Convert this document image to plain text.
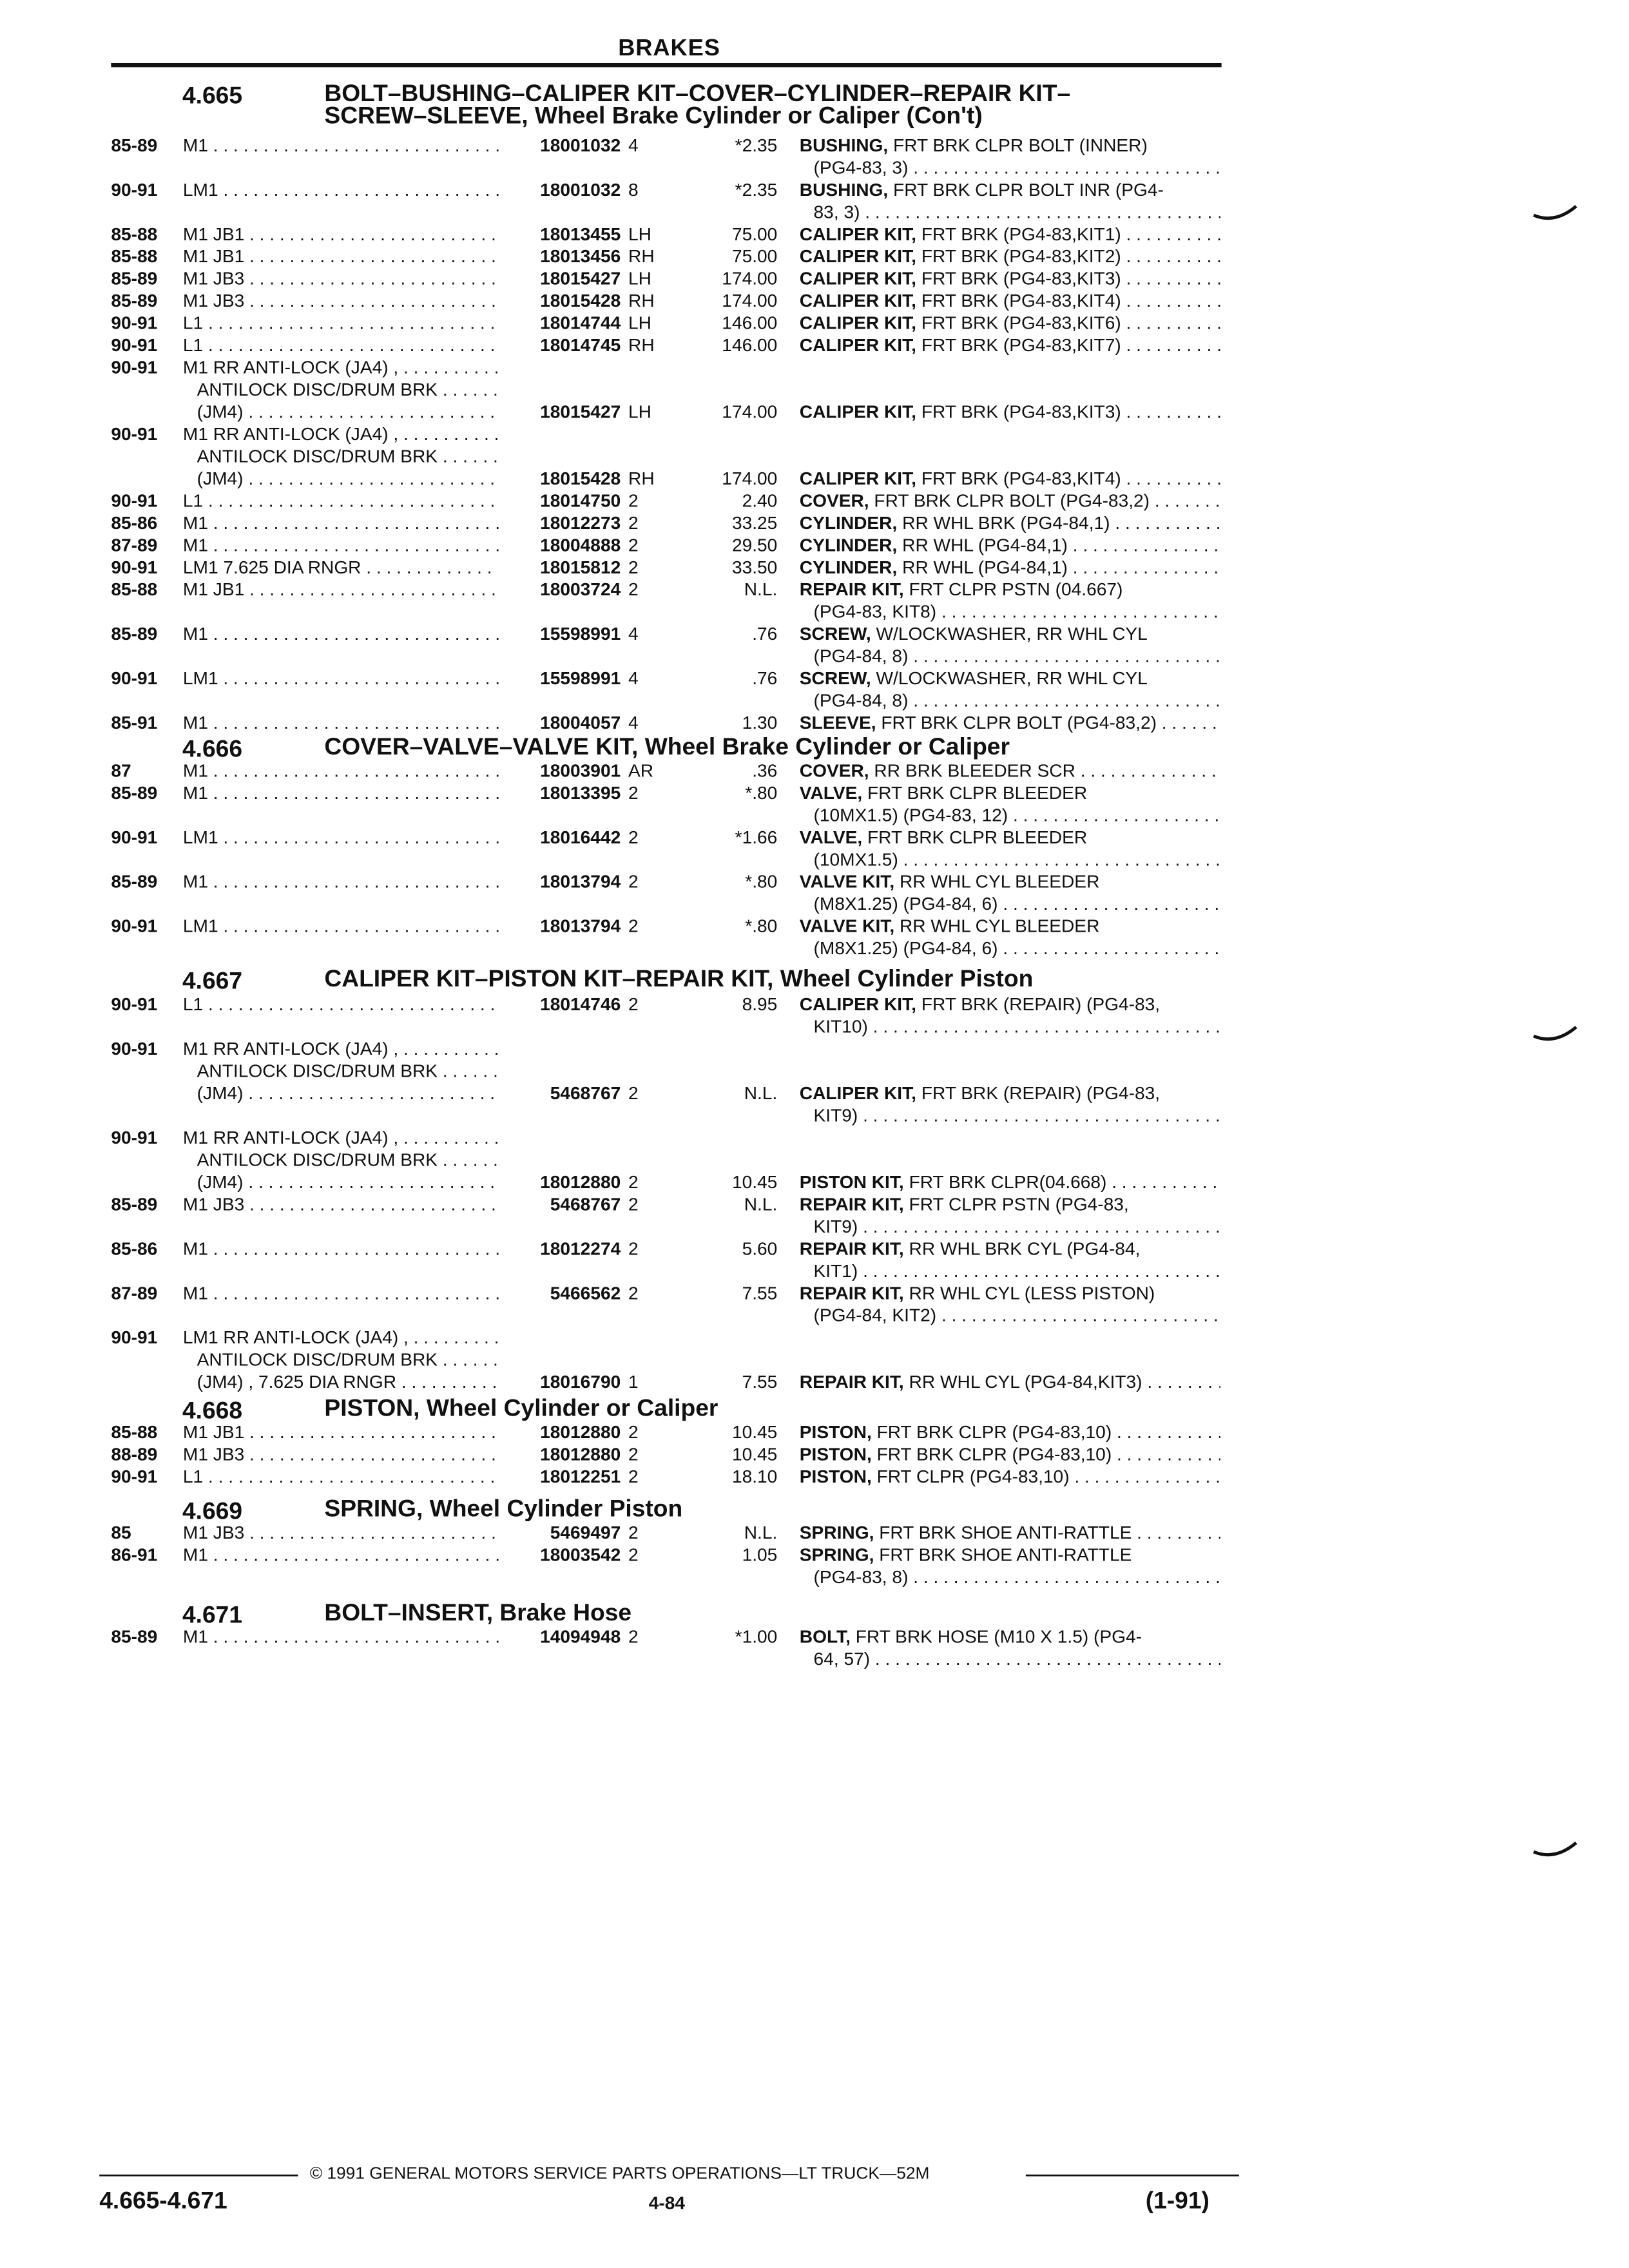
BRAKES
4.665	BOLT–BUSHING–CALIPER KIT–COVER–CYLINDER–REPAIR KIT–
SCREW–SLEEVE, Wheel Brake Cylinder or Caliper (Con't)
85-89 M1 . . .	18001032 4	*2.35 BUSHING, FRT BRK CLPR BOLT (INNER)
(PG4-83, 3) . . .
90-91 LM1 . . .	18001032 8	*2.35 BUSHING, FRT BRK CLPR BOLT INR (PG4-
83, 3) . . .
85-88 M1 JB1 . . .	18013455 LH	75.00 CALIPER KIT, FRT BRK (PG4-83,KIT1) . . .
85-88 M1 JB1 . . .	18013456 RH	75.00 CALIPER KIT, FRT BRK (PG4-83,KIT2) . . .
85-89 M1 JB3 . . .	18015427 LH	174.00 CALIPER KIT, FRT BRK (PG4-83,KIT3) . . .
85-89 M1 JB3 . . .	18015428 RH	174.00 CALIPER KIT, FRT BRK (PG4-83,KIT4) . . .
90-91 L1 . . .	18014744 LH	146.00 CALIPER KIT, FRT BRK (PG4-83,KIT6) . . .
90-91 L1 . . .	18014745 RH	146.00 CALIPER KIT, FRT BRK (PG4-83,KIT7) . . .
90-91 M1 RR ANTI-LOCK (JA4) , . . .
ANTILOCK DISC/DRUM BRK . . .
(JM4) . . .	18015427 LH	174.00 CALIPER KIT, FRT BRK (PG4-83,KIT3) . . .
90-91 M1 RR ANTI-LOCK (JA4) , . . .
ANTILOCK DISC/DRUM BRK . . .
(JM4) . . .	18015428 RH	174.00 CALIPER KIT, FRT BRK (PG4-83,KIT4) . . .
90-91 L1 . . .	18014750 2	2.40 COVER, FRT BRK CLPR BOLT (PG4-83,2) . . .
85-86 M1 . . .	18012273 2	33.25 CYLINDER, RR WHL BRK (PG4-84,1) . . .
87-89 M1 . . .	18004888 2	29.50 CYLINDER, RR WHL (PG4-84,1) . . .
90-91 LM1 7.625 DIA RNGR . . .	18015812 2	33.50 CYLINDER, RR WHL (PG4-84,1) . . .
85-88 M1 JB1 . . .	18003724 2	N.L. REPAIR KIT, FRT CLPR PSTN (04.667)
(PG4-83, KIT8) . . .
85-89 M1 . . .	15598991 4	.76 SCREW, W/LOCKWASHER, RR WHL CYL
(PG4-84, 8) . . .
90-91 LM1 . . .	15598991 4	.76 SCREW, W/LOCKWASHER, RR WHL CYL
(PG4-84, 8) . . .
85-91 M1 . . .	18004057 4	1.30 SLEEVE, FRT BRK CLPR BOLT (PG4-83,2) . . .
87	M1 . . .	18003901 AR	.36 COVER, RR BRK BLEEDER SCR . . .
85-89 M1 . . .	18013395 2	*.80 VALVE, FRT BRK CLPR BLEEDER
(10MX1.5) (PG4-83, 12) . . .
90-91 LM1 . . .	18016442 2	*1.66 VALVE, FRT BRK CLPR BLEEDER
(10MX1.5) . . .
85-89 M1 . . .	18013794 2	*.80 VALVE KIT, RR WHL CYL BLEEDER
(M8X1.25) (PG4-84, 6) . . .
90-91 LM1 . . .	18013794 2	*.80 VALVE KIT, RR WHL CYL BLEEDER
(M8X1.25) (PG4-84, 6) . . .
90-91 L1 . . .	18014746 2	8.95 CALIPER KIT, FRT BRK (REPAIR) (PG4-83,
KIT10) . . .
90-91 M1 RR ANTI-LOCK (JA4) , . . .
ANTILOCK DISC/DRUM BRK . . .
(JM4) . . .	5468767 2	N.L. CALIPER KIT, FRT BRK (REPAIR) (PG4-83,
KIT9) . . .
90-91 M1 RR ANTI-LOCK (JA4) , . . .
ANTILOCK DISC/DRUM BRK . . .
(JM4) . . .	18012880 2	10.45 PISTON KIT, FRT BRK CLPR(04.668) . . .
85-89 M1 JB3 . . .	5468767 2	N.L. REPAIR KIT, FRT CLPR PSTN (PG4-83,
KIT9) . . .
85-86 M1 . . .	18012274 2	5.60 REPAIR KIT, RR WHL BRK CYL (PG4-84,
KIT1) . . .
87-89 M1 . . .	5466562 2	7.55 REPAIR KIT, RR WHL CYL (LESS PISTON)
(PG4-84, KIT2) . . .
90-91 LM1 RR ANTI-LOCK (JA4) , . . .
ANTILOCK DISC/DRUM BRK . . .
(JM4) , 7.625 DIA RNGR . . .	18016790 1	7.55 REPAIR KIT, RR WHL CYL (PG4-84,KIT3) . . .
85-88 M1 JB1 . . .	18012880 2	10.45 PISTON, FRT BRK CLPR (PG4-83,10) . . .
88-89 M1 JB3 . . .	18012880 2	10.45 PISTON, FRT BRK CLPR (PG4-83,10) . . .
90-91 L1 . . .	18012251 2	18.10 PISTON, FRT CLPR (PG4-83,10) . . .
85	M1 JB3 . . .	5469497 2	N.L. SPRING, FRT BRK SHOE ANTI-RATTLE . . .
86-91 M1 . . .	18003542 2	1.05 SPRING, FRT BRK SHOE ANTI-RATTLE
(PG4-83, 8) . . .
85-89 M1 . . .	14094948 2	*1.00 BOLT, FRT BRK HOSE (M10 X 1.5) (PG4-
64, 57) . . .
4.666	COVER–VALVE–VALVE KIT, Wheel Brake Cylinder or Caliper
4.667	CALIPER KIT–PISTON KIT–REPAIR KIT, Wheel Cylinder Piston
4.668	PISTON, Wheel Cylinder or Caliper
4.669	SPRING, Wheel Cylinder Piston
4.671	BOLT–INSERT, Brake Hose
© 1991 GENERAL MOTORS SERVICE PARTS OPERATIONS—LT TRUCK—52M
4.665-4.671	4-84	(1-91)
